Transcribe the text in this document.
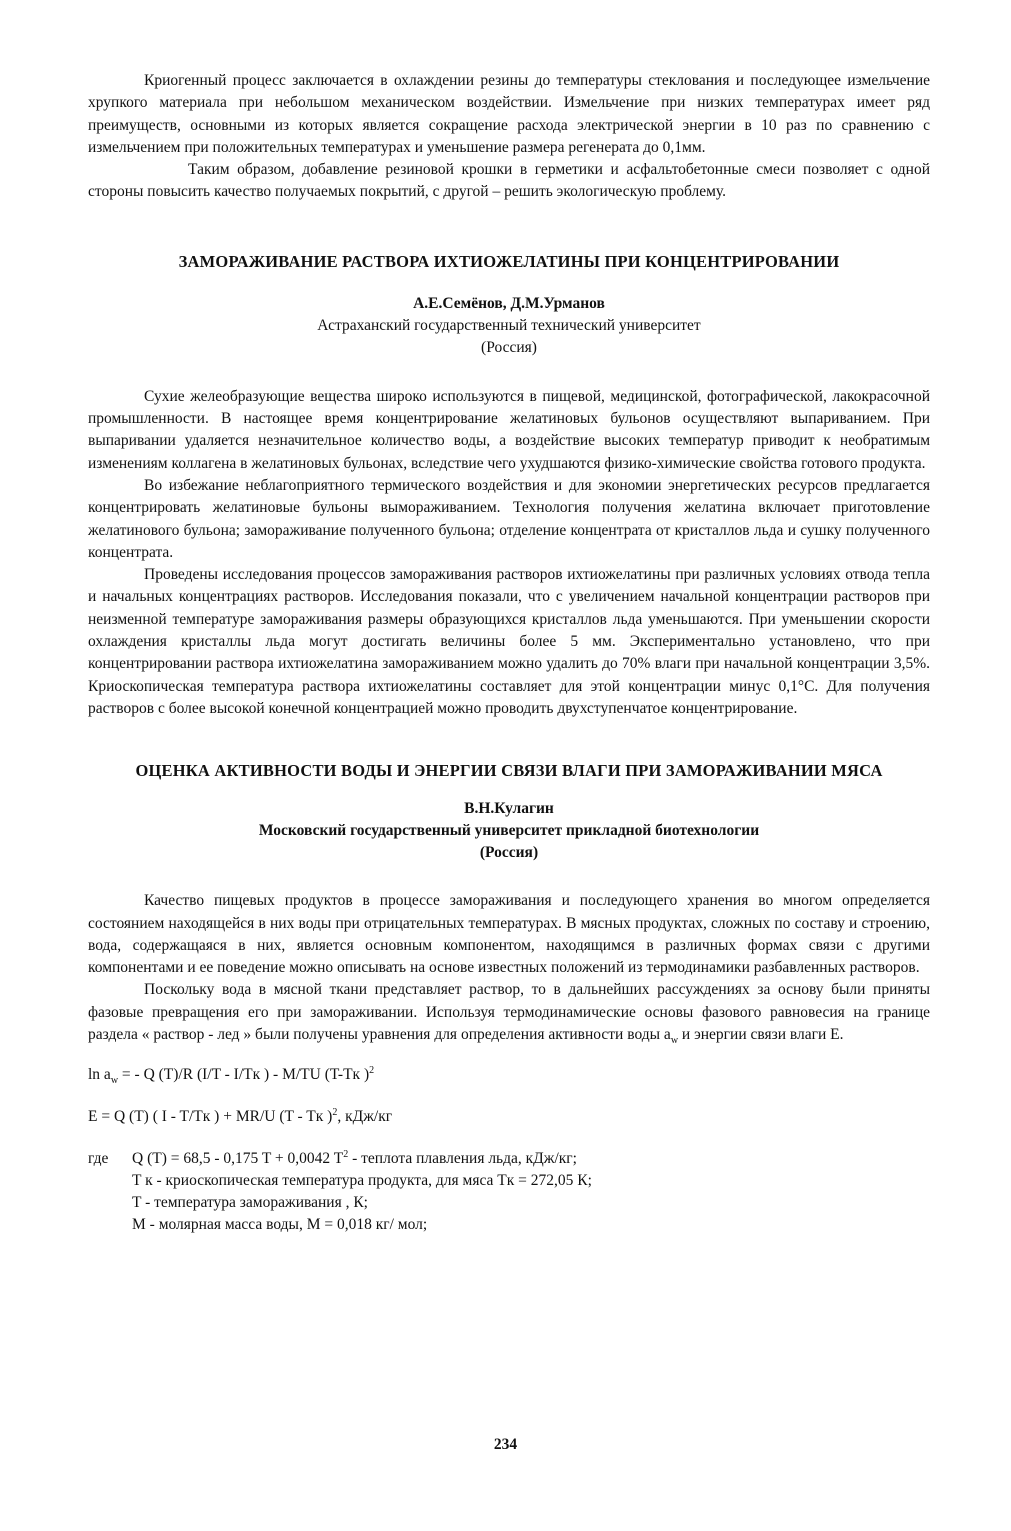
Криогенный процесс заключается в охлаждении резины до температуры стеклования и последующее измельчение хрупкого материала при небольшом механическом воздействии. Измельчение при низких температурах имеет ряд преимуществ, основными из которых является сокращение расхода электрической энергии в 10 раз по сравнению с измельчением при положительных температурах и уменьшение размера регенерата до 0,1мм.

Таким образом, добавление резиновой крошки в герметики и асфальтобетонные смеси позволяет с одной стороны повысить качество получаемых покрытий, с другой – решить экологическую проблему.

ЗАМОРАЖИВАНИЕ РАСТВОРА ИХТИОЖЕЛАТИНЫ ПРИ КОНЦЕНТРИРОВАНИИ
А.Е.Семёнов, Д.М.Урманов
Астраханский государственный технический университет
(Россия)

Сухие желеобразующие вещества широко используются в пищевой, медицинской, фотографической, лакокрасочной промышленности. В настоящее время концентрирование желатиновых бульонов осуществляют выпариванием. При выпаривании удаляется незначительное количество воды, а воздействие высоких температур приводит к необратимым изменениям коллагена в желатиновых бульонах, вследствие чего ухудшаются физико-химические свойства готового продукта.

Во избежание неблагоприятного термического воздействия и для экономии энергетических ресурсов предлагается концентрировать желатиновые бульоны вымораживанием. Технология получения желатина включает приготовление желатинового бульона; замораживание полученного бульона; отделение концентрата от кристаллов льда и сушку полученного концентрата.

Проведены исследования процессов замораживания растворов ихтиожелатины при различных условиях отвода тепла и начальных концентрациях растворов. Исследования показали, что с увеличением начальной концентрации растворов при неизменной температуре замораживания размеры образующихся кристаллов льда уменьшаются. При уменьшении скорости охлаждения кристаллы льда могут достигать величины более 5 мм. Экспериментально установлено, что при концентрировании раствора ихтиожелатина замораживанием можно удалить до 70% влаги при начальной концентрации 3,5%. Криоскопическая температура раствора ихтиожелатины составляет для этой концентрации минус 0,1°С. Для получения растворов с более высокой конечной концентрацией можно проводить двухступенчатое концентрирование.

ОЦЕНКА АКТИВНОСТИ ВОДЫ И ЭНЕРГИИ СВЯЗИ ВЛАГИ ПРИ ЗАМОРАЖИВАНИИ МЯСА
В.Н.Кулагин
Московский государственный университет прикладной биотехнологии
(Россия)

Качество пищевых продуктов в процессе замораживания и последующего хранения во многом определяется состоянием находящейся в них воды при отрицательных температурах. В мясных продуктах, сложных по составу и строению, вода, содержащаяся в них, является основным компонентом, находящимся в различных формах связи с другими компонентами и ее поведение можно описывать на основе известных положений из термодинамики разбавленных растворов.

Поскольку вода в мясной ткани представляет раствор, то в дальнейших рассуждениях за основу были приняты фазовые превращения его при замораживании. Используя термодинамические основы фазового равновесия на границе раздела « раствор - лед » были получены уравнения для определения активности воды $a_w$ и энергии связи влаги Е.

$\ln a_w$ = - Q (T)/R (I/T - I/Tк ) - M/TU (T-Tк )$^2$

E = Q (T) ( I - T/Tк ) + MR/U (T - Tк )$^2$, кДж/кг

где	Q (T) = 68,5 - 0,175 T + 0,0042 $T^2$ - теплота плавления льда, кДж/кг;
T к - криоскопическая температура продукта, для мяса Tк = 272,05 К;
T - температура замораживания , К;
M - молярная масса воды, M = 0,018 кг/ мол;
234
